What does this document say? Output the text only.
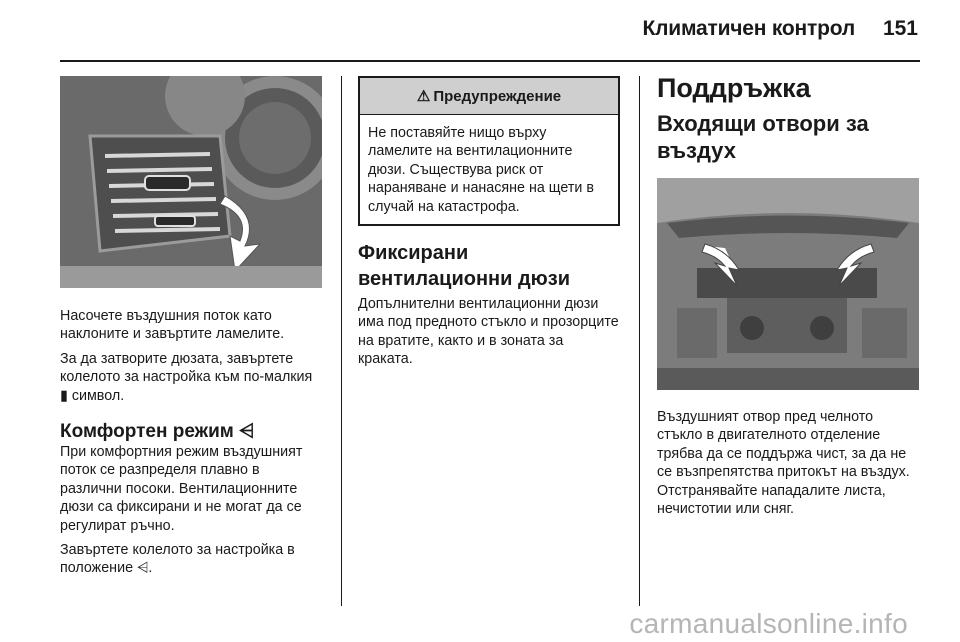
Климатичен контрол 151

Насочете въздушния поток като наклоните и завъртите ламелите.

За да затворите дюзата, завъртете колелото за настройка към по-малкия ▮ символ.

Комфортен режим ⩤

При комфортния режим въздушният поток се разпределя плавно в различни посоки. Вентилационните дюзи са фиксирани и не могат да се регулират ръчно.

Завъртете колелото за настройка в положение ⩤.

⚠ Предупреждение

Не поставяйте нищо върху ламелите на вентилационните дюзи. Съществува риск от нараняване и нанасяне на щети в случай на катастрофа.

Фиксирани вентилационни дюзи

Допълнителни вентилационни дюзи има под предното стъкло и прозорците на вратите, както и в зоната за краката.

Поддръжка
Входящи отвори за въздух

Въздушният отвор пред челното стъкло в двигателното отделение трябва да се поддържа чист, за да не се възпрепятства притокът на въздух. Отстранявайте нападалите листа, нечистотии или сняг.

carmanualsonline.info
